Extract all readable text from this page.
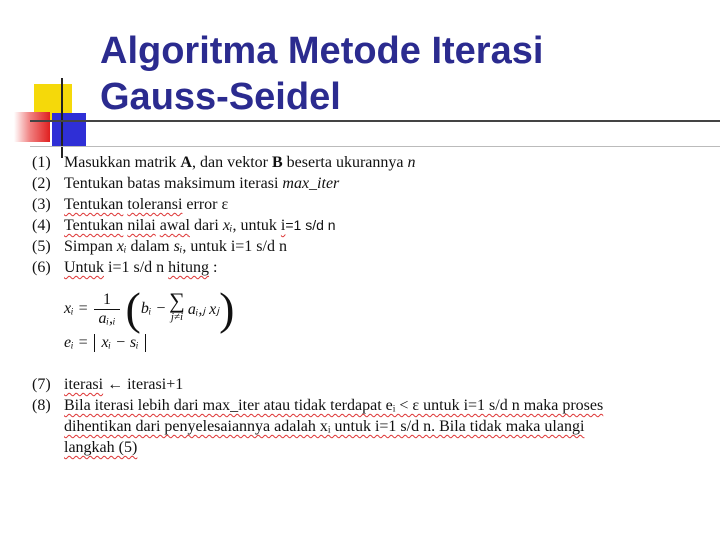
Algoritma Metode Iterasi
Gauss-Seidel
(1) Masukkan matrik A, dan vektor B beserta ukurannya n
(2) Tentukan batas maksimum iterasi max_iter
(3) Tentukan toleransi error ε
(4) Tentukan nilai awal dari xᵢ, untuk i=1 s/d n
(5) Simpan xᵢ dalam sᵢ, untuk i=1 s/d n
(6) Untuk i=1 s/d n hitung :
xᵢ = $\frac{1}{\text{aᵢ,ᵢ}}$ ( bᵢ − ∑
j≠i aᵢ,ⱼ xⱼ )
eᵢ = xᵢ − sᵢ
(7) iterasi ← iterasi+1
(8) Bila iterasi lebih dari max_iter atau tidak terdapat eᵢ < ε untuk i=1 s/d n maka proses
dihentikan dari penyelesaiannya adalah xᵢ untuk i=1 s/d n. Bila tidak maka ulangi
langkah (5)
